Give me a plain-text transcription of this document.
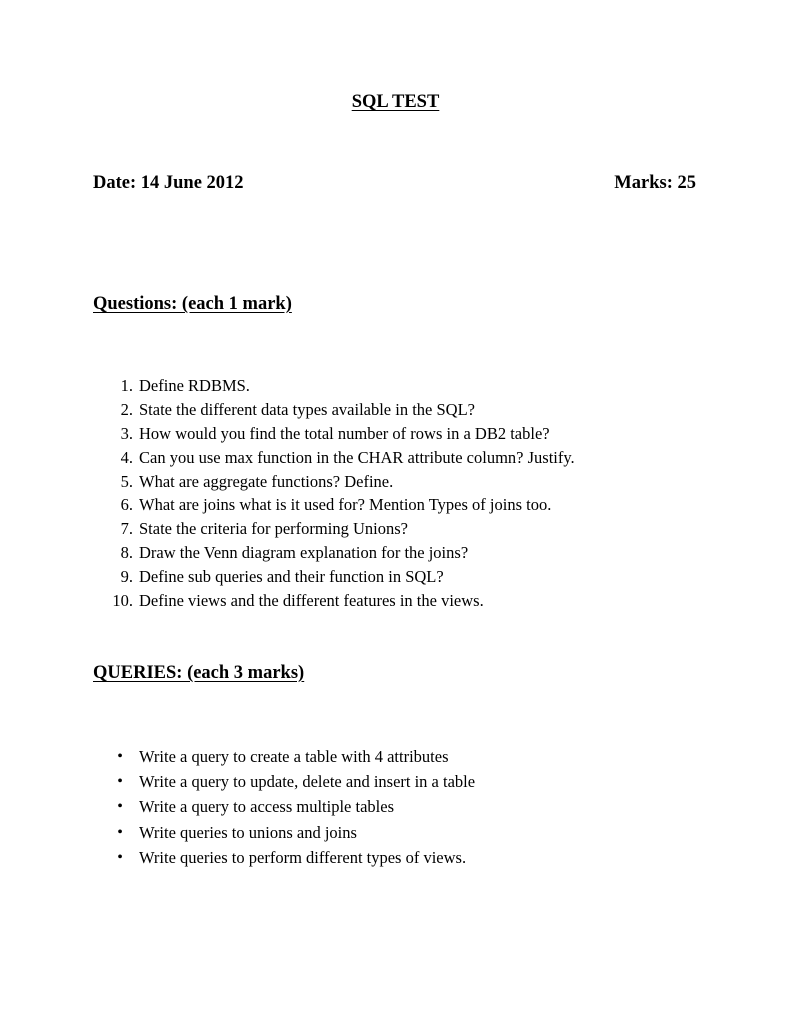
SQL TEST
Date: 14 June 2012	Marks: 25
Questions: (each 1 mark)
1. Define RDBMS.
2. State the different data types available in the SQL?
3. How would you find the total number of rows in a DB2 table?
4. Can you use max function in the CHAR attribute column? Justify.
5. What are aggregate functions? Define.
6. What are joins what is it used for? Mention Types of joins too.
7. State the criteria for performing Unions?
8. Draw the Venn diagram explanation for the joins?
9. Define sub queries and their function in SQL?
10. Define views and the different features in the views.
QUERIES: (each 3 marks)
• Write a query to create a table with 4 attributes
• Write a query to update, delete and insert in a table
• Write a query to access multiple tables
• Write queries to unions and joins
• Write queries to perform different types of views.
